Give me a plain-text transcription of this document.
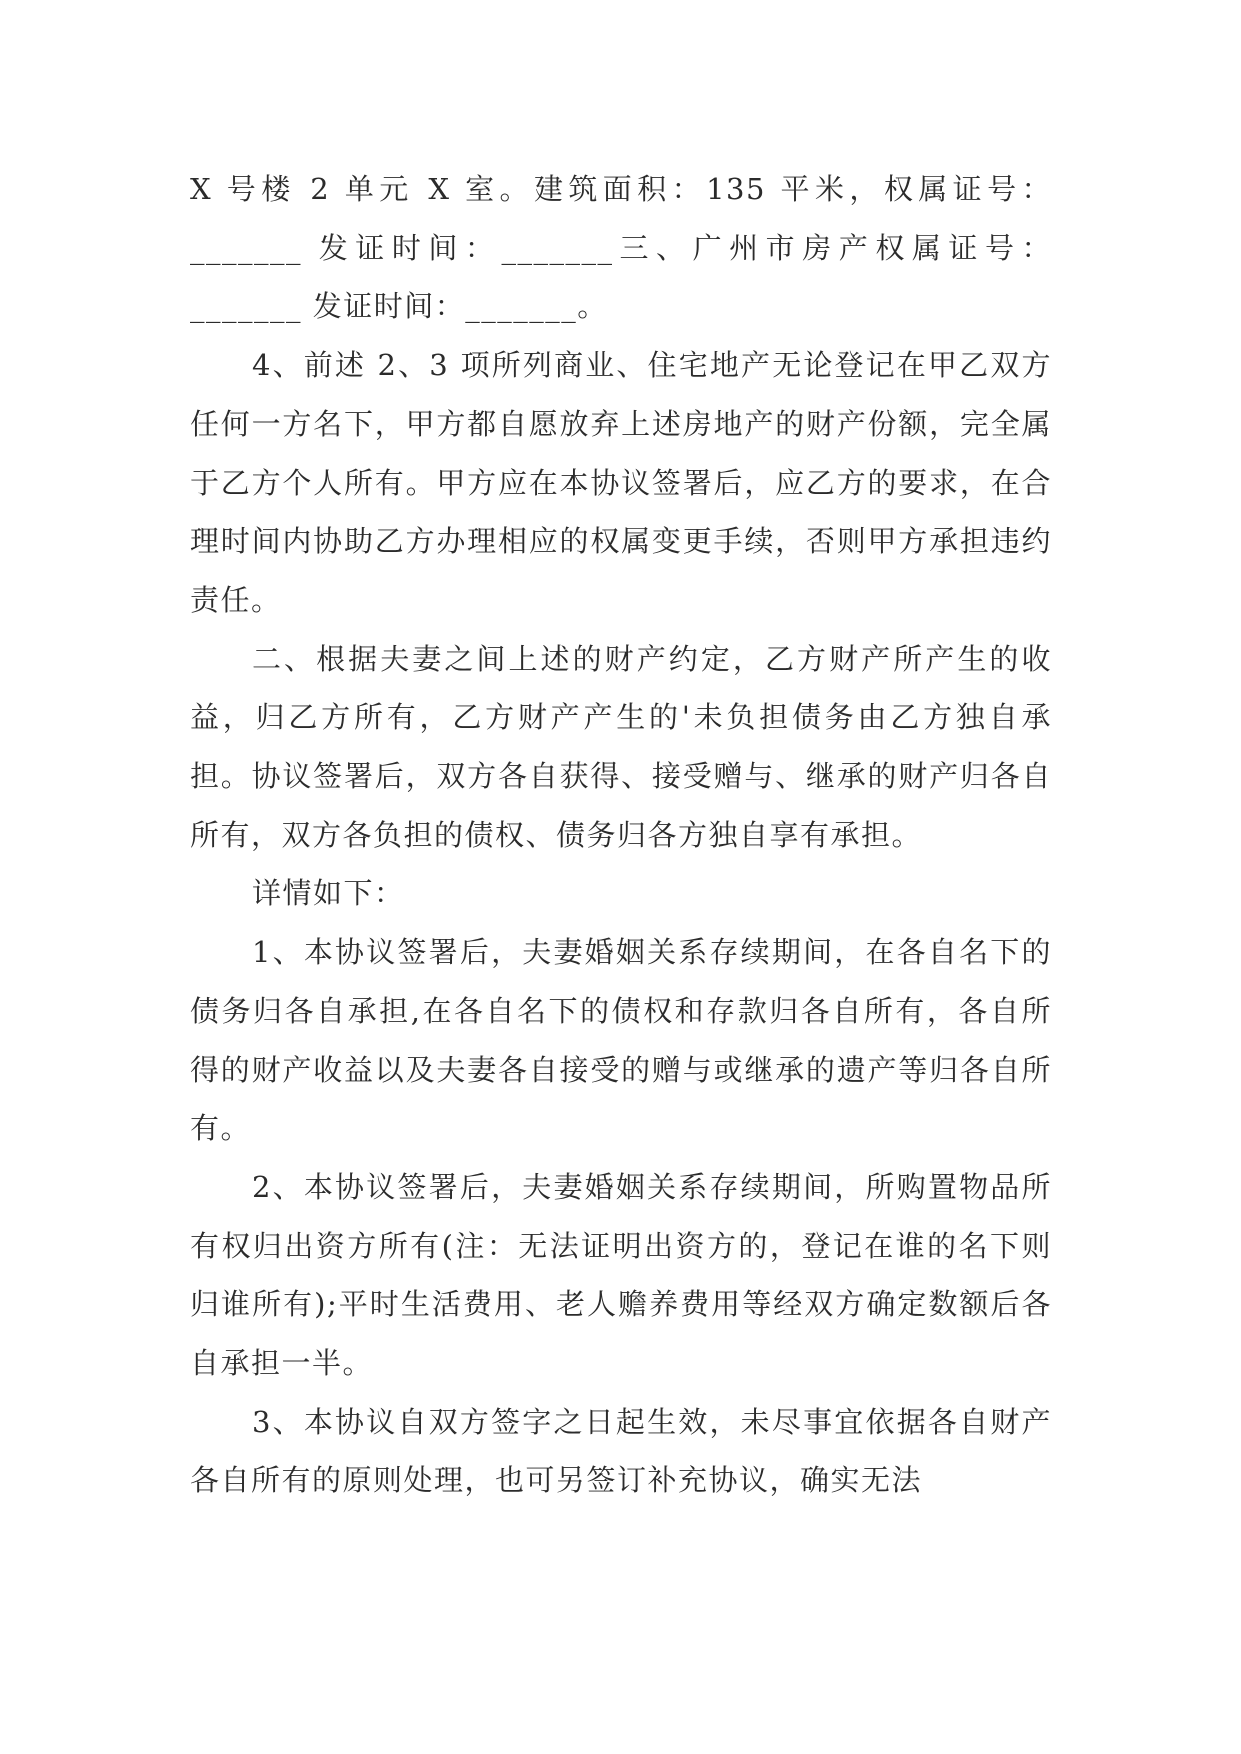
X 号楼 2 单元 X 室。建筑面积：135 平米，权属证号：_______ 发证时间：_______三、广州市房产权属证号：_______ 发证时间：_______。

4、前述 2、3 项所列商业、住宅地产无论登记在甲乙双方任何一方名下，甲方都自愿放弃上述房地产的财产份额，完全属于乙方个人所有。甲方应在本协议签署后，应乙方的要求，在合理时间内协助乙方办理相应的权属变更手续，否则甲方承担违约责任。

二、根据夫妻之间上述的财产约定，乙方财产所产生的收益，归乙方所有，乙方财产产生的'未负担债务由乙方独自承担。协议签署后，双方各自获得、接受赠与、继承的财产归各自所有，双方各负担的债权、债务归各方独自享有承担。

详情如下：

1、本协议签署后，夫妻婚姻关系存续期间，在各自名下的债务归各自承担,在各自名下的债权和存款归各自所有，各自所得的财产收益以及夫妻各自接受的赠与或继承的遗产等归各自所有。

2、本协议签署后，夫妻婚姻关系存续期间，所购置物品所有权归出资方所有(注：无法证明出资方的，登记在谁的名下则归谁所有);平时生活费用、老人赡养费用等经双方确定数额后各自承担一半。

3、本协议自双方签字之日起生效，未尽事宜依据各自财产各自所有的原则处理，也可另签订补充协议，确实无法
